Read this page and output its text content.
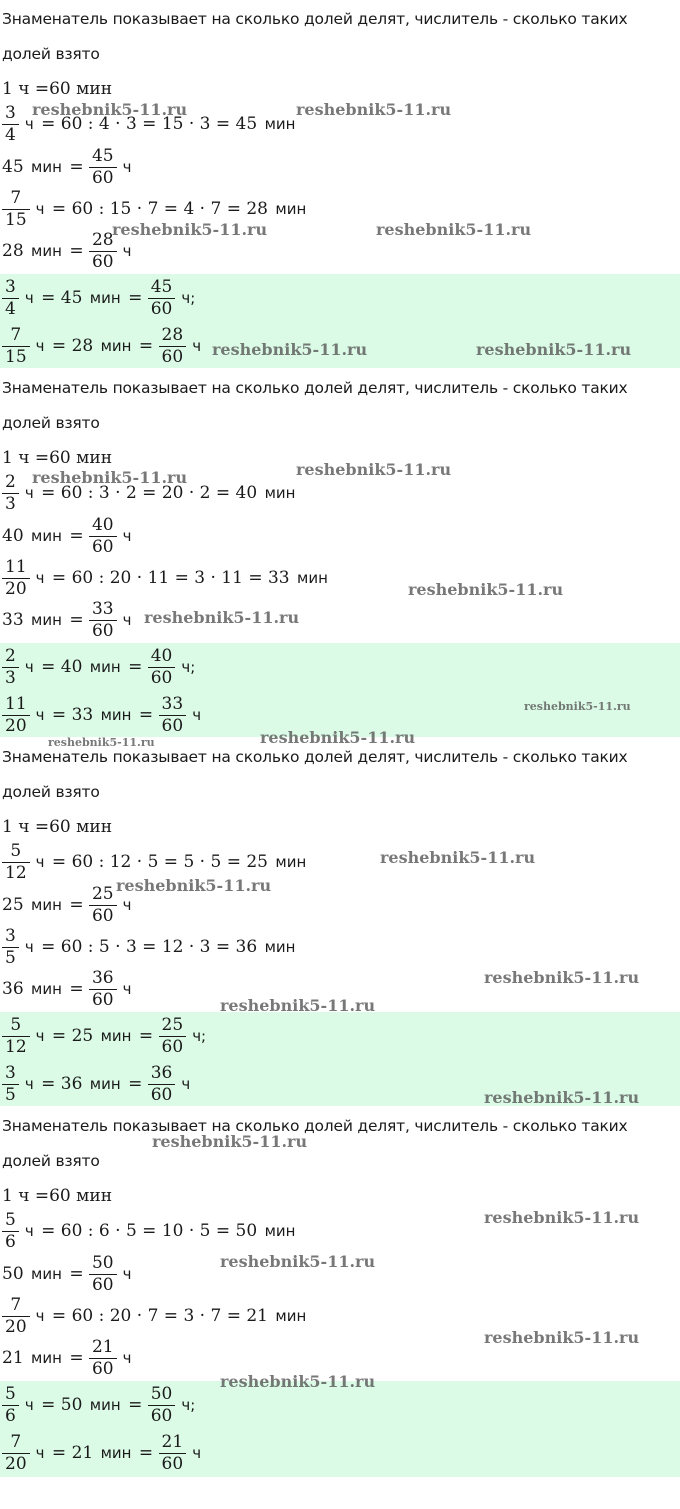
Знаменатель показывает на сколько долей делят, числитель - сколько таких
долей взято
1 ч =60 мин
$\frac{3}{4}$ ч
= 60 : 4 · 3 = 15 · 3 = 45
мин
45
мин = $\frac{45}{60}$ ч
$\frac{7}{15}$ ч
= 60 : 15 · 7 = 4 · 7 = 28
мин
28
мин = $\frac{28}{60}$ ч
$\frac{3}{4}$ ч
= 45
мин = $\frac{45}{60} ч$;
$\frac{7}{15}$ ч
= 28
мин = $\frac{28}{60}$ ч
Знаменатель показывает на сколько долей делят, числитель - сколько таких
долей взято
1 ч =60 мин
$\frac{2}{3}$ ч
= 60 : 3 · 2 = 20 · 2 = 40
мин
40
мин = $\frac{40}{60}$ ч
$\frac{11}{20}$ ч
= 60 : 20 · 11 = 3 · 11 = 33
мин
33
мин = $\frac{33}{60}$ ч
$\frac{2}{3}$ ч
= 40
мин = $\frac{40}{60} ч$;
$\frac{11}{20}$ ч
= 33
мин = $\frac{33}{60}$ ч
Знаменатель показывает на сколько долей делят, числитель - сколько таких
долей взято
1 ч =60 мин
$\frac{5}{12}$ ч
= 60 : 12 · 5 = 5 · 5 = 25
мин
25
мин = $\frac{25}{60}$ ч
$\frac{3}{5}$ ч
= 60 : 5 · 3 = 12 · 3 = 36
мин
36
мин = $\frac{36}{60}$ ч
$\frac{5}{12}$ ч
= 25
мин = $\frac{25}{60} ч$;
$\frac{3}{5}$ ч
= 36
мин = $\frac{36}{60}$ ч
Знаменатель показывает на сколько долей делят, числитель - сколько таких
долей взято
1 ч =60 мин
$\frac{5}{6}$ ч
= 60 : 6 · 5 = 10 · 5 = 50
мин
50
мин = $\frac{50}{60}$ ч
$\frac{7}{20}$ ч
= 60 : 20 · 7 = 3 · 7 = 21
мин
21
мин = $\frac{21}{60}$ ч
$\frac{5}{6}$ ч
= 50
мин = $\frac{50}{60} ч$;
$\frac{7}{20}$ ч
= 21
мин = $\frac{21}{60}$ ч
reshebnik5-11.ru	reshebnik5-11.ru
reshebnik5-11.ru	reshebnik5-11.ru
reshebnik5-11.ru	reshebnik5-11.ru
reshebnik5-11.ru	reshebnik5-11.ru
reshebnik5-11.ru
reshebnik5-11.ru
reshebnik5-11.ru
reshebnik5-11.ru	reshebnik5-11.ru
reshebnik5-11.ru
reshebnik5-11.ru
reshebnik5-11.ru
reshebnik5-11.ru
reshebnik5-11.ru
reshebnik5-11.ru
reshebnik5-11.ru
reshebnik5-11.ru
reshebnik5-11.ru
reshebnik5-11.ru
